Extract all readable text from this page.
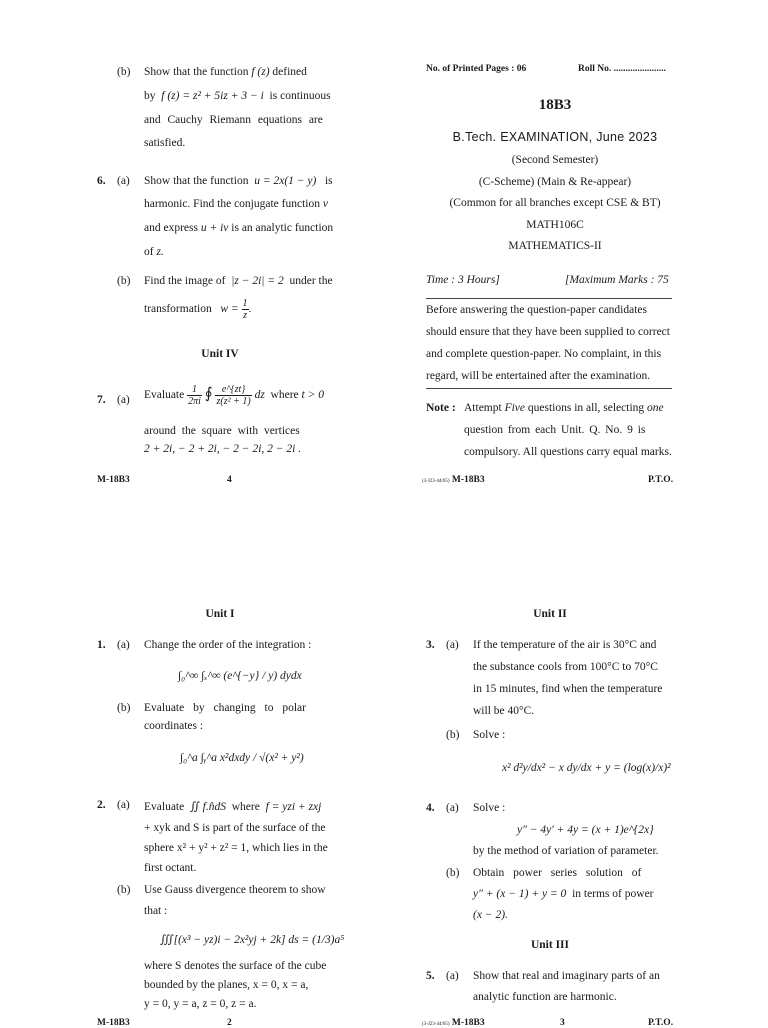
(b) Show that the function f (z) defined
by f (z) = z² + 5iz + 3 − i is continuous
and Cauchy Riemann equations are
satisfied.
6. (a) Show that the function u = 2x(1 − y) is
harmonic. Find the conjugate function v
and express u + iv is an analytic function
of z.
(b) Find the image of |z − 2i| = 2 under the
transformation $w = \frac{1}{z}$ .
Unit IV
7. (a) Evaluate $\frac{1}{2\pi i}$ ∮ $\frac{e\^{}\{zt\}}{\text{z(z² + 1)}}$ dz where t > 0
around the square with vertices
2 + 2i, − 2 + 2i, − 2 − 2i, 2 − 2i .
M-18B3	4
No. of Printed Pages : 06	Roll No. ......................
18B3
B.Tech. EXAMINATION, June 2023
(Second Semester)
(C-Scheme) (Main & Re-appear)
(Common for all branches except CSE & BT)
MATH106C
MATHEMATICS-II
Time : 3 Hours]	[Maximum Marks : 75
Before answering the question-paper candidates
should ensure that they have been supplied to correct
and complete question-paper. No complaint, in this
regard, will be entertained after the examination.
Note : Attempt Five questions in all, selecting one
question from each Unit. Q. No. 9 is
compulsory. All questions carry equal marks.
(3-J23-44/05) M-18B3	P.T.O.
Unit I
1. (a) Change the order of the integration :
∫₀^∞ ∫ₓ^∞ (e^{−y} / y) dydx
(b) Evaluate by changing to polar
coordinates :
∫₀^a ∫ᵧ^a x²dxdy / √(x² + y²)
2. (a) Evaluate ∬ f.n̂dS where f = yzi + zxj
+ xyk and S is part of the surface of the
sphere x² + y² + z² = 1, which lies in the
first octant.
(b) Use Gauss divergence theorem to show
that :
∭[(x³ − yz)i − 2x²yj + 2k] ds = (1/3)a⁵
where S denotes the surface of the cube
bounded by the planes, x = 0, x = a,
y = 0, y = a, z = 0, z = a.
M-18B3	2
Unit II
3. (a) If the temperature of the air is 30°C and
the substance cools from 100°C to 70°C
in 15 minutes, find when the temperature
will be 40°C.
(b) Solve :
x² d²y/dx² − x dy/dx + y = (log(x)/x)²
4. (a) Solve :
y″ − 4y′ + 4y = (x + 1)e^{2x}
by the method of variation of parameter.
(b) Obtain power series solution of
y″ + (x − 1) + y = 0 in terms of power
(x − 2).
Unit III
5. (a) Show that real and imaginary parts of an
analytic function are harmonic.
(3-J23-44/05) M-18B3	3	P.T.O.
